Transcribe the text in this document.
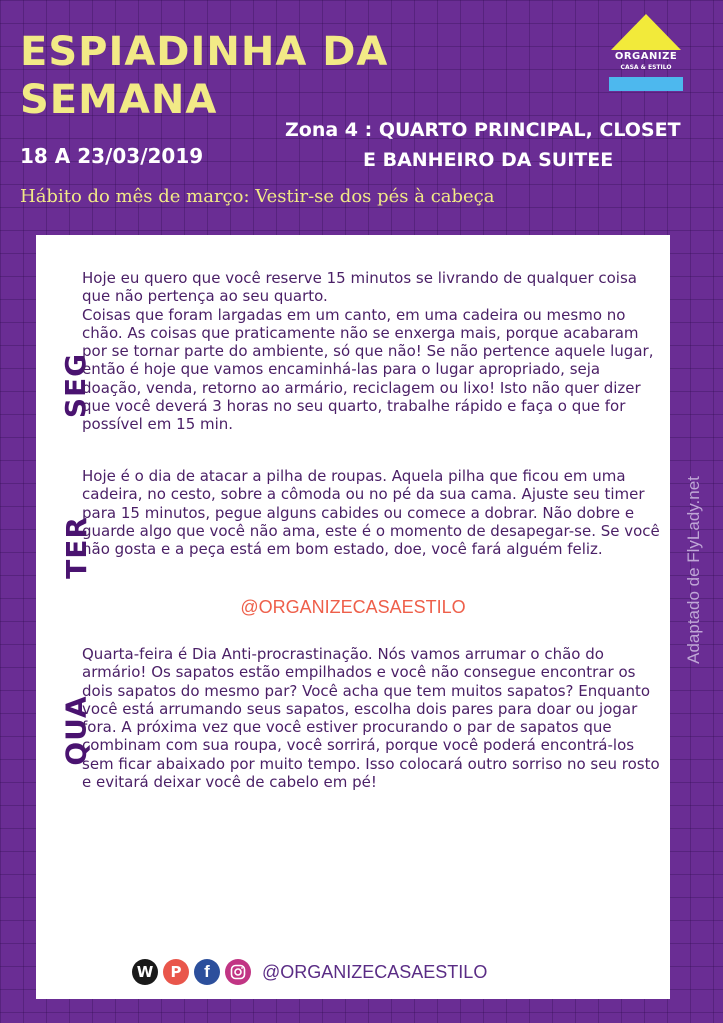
ESPIADINHA DA
SEMANA
18 A 23/03/2019
Zona 4 : QUARTO PRINCIPAL, CLOSET
E BANHEIRO DA SUITEE
Hábito do mês de março: Vestir-se dos pés à cabeça
ORGANIZE
CASA & ESTILO
SEG

Hoje eu quero que você reserve 15 minutos se livrando de qualquer coisa que não pertença ao seu quarto.
Coisas que foram largadas em um canto, em uma cadeira ou mesmo no chão. As coisas que praticamente não se enxerga mais, porque acabaram por se tornar parte do ambiente, só que não! Se não pertence aquele lugar, então é hoje que vamos encaminhá-las para o lugar apropriado, seja doação, venda, retorno ao armário, reciclagem ou lixo! Isto não quer dizer que você deverá 3 horas no seu quarto, trabalhe rápido e faça o que for possível em 15 min.

TER

Hoje é o dia de atacar a pilha de roupas. Aquela pilha que ficou em uma cadeira, no cesto, sobre a cômoda ou no pé da sua cama. Ajuste seu timer para 15 minutos, pegue alguns cabides ou comece a dobrar. Não dobre e guarde algo que você não ama, este é o momento de desapegar-se. Se você não gosta e a peça está em bom estado, doe, você fará alguém feliz.

@ORGANIZECASAESTILO
QUA

Quarta-feira é Dia Anti-procrastinação. Nós vamos arrumar o chão do armário! Os sapatos estão empilhados e você não consegue encontrar os dois sapatos do mesmo par? Você acha que tem muitos sapatos? Enquanto você está arrumando seus sapatos, escolha dois pares para doar ou jogar fora. A próxima vez que você estiver procurando o par de sapatos que combinam com sua roupa, você sorrirá, porque você poderá encontrá-los sem ficar abaixado por muito tempo. Isso colocará outro sorriso no seu rosto e evitará deixar você de cabelo em pé!

W	P	f	@ORGANIZECASAESTILO
Adaptado de FlyLady.net
